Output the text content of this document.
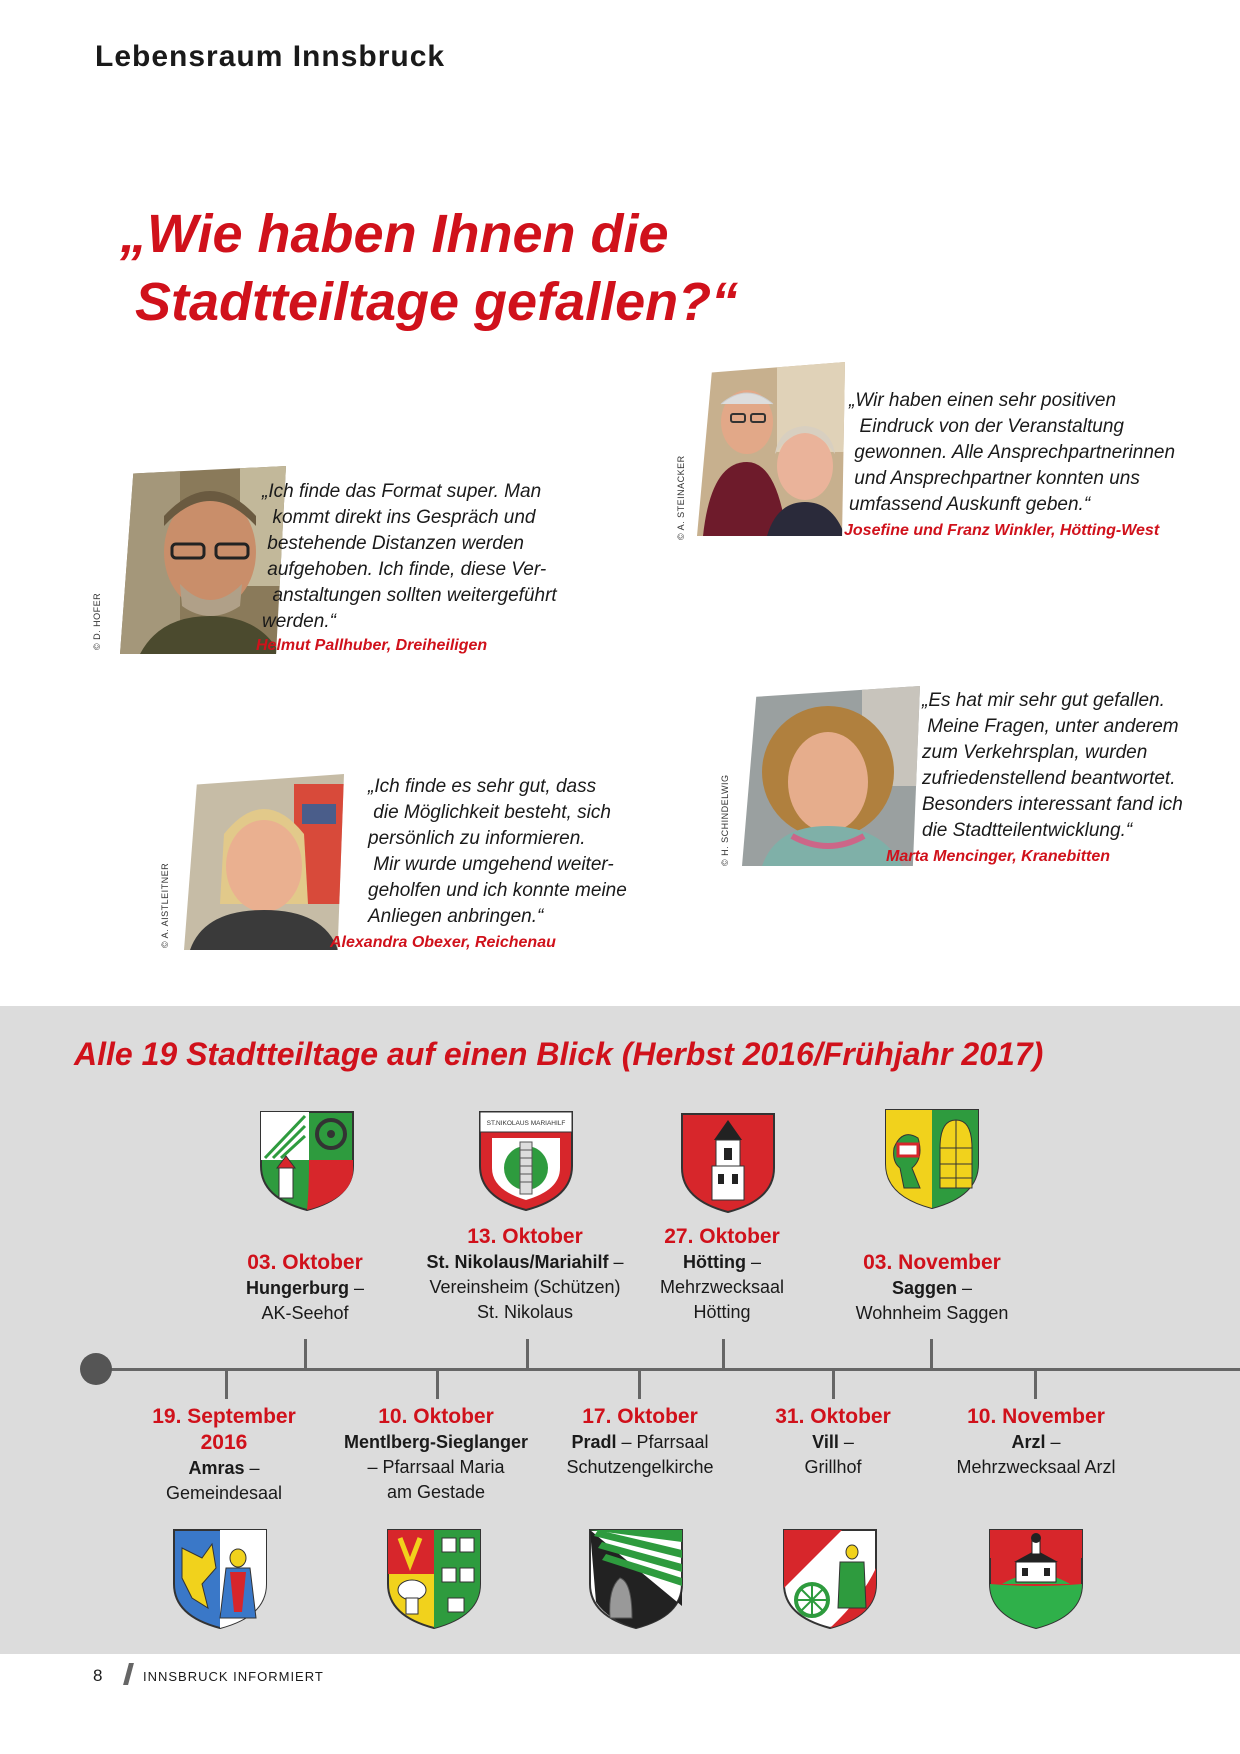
Lebensraum Innsbruck
„Wie haben Ihnen die
Stadtteiltage gefallen?“
© D. HOFER
„Ich finde das Format super. Man
kommt direkt ins Gespräch und
bestehende Distanzen werden
aufgehoben. Ich finde, diese Ver-
anstaltungen sollten weitergeführt
werden.“
Helmut Pallhuber, Dreiheiligen
© A. STEINACKER
„Wir haben einen sehr positiven
Eindruck von der Veranstaltung
gewonnen. Alle Ansprechpartnerinnen
und Ansprechpartner konnten uns
umfassend Auskunft geben.“
Josefine und Franz Winkler, Hötting-West
© A. AISTLEITNER
„Ich finde es sehr gut, dass
die Möglichkeit besteht, sich
persönlich zu informieren.
Mir wurde umgehend weiter-
geholfen und ich konnte meine
Anliegen anbringen.“
Alexandra Obexer, Reichenau
© H. SCHINDELWIG
„Es hat mir sehr gut gefallen.
Meine Fragen, unter anderem
zum Verkehrsplan, wurden
zufriedenstellend beantwortet.
Besonders interessant fand ich
die Stadtteilentwicklung.“
Marta Mencinger, Kranebitten
Alle 19 Stadtteiltage auf einen Blick (Herbst 2016/Frühjahr 2017)
ST.NIKOLAUS MARIAHILF
03. Oktober
Hungerburg –
AK-Seehof
13. Oktober
St. Nikolaus/Mariahilf –
Vereinsheim (Schützen)
St. Nikolaus
27. Oktober
Hötting –
Mehrzwecksaal
Hötting
03. November
Saggen –
Wohnheim Saggen
19. September
2016
Amras –
Gemeindesaal
10. Oktober
Mentlberg-Sieglanger
– Pfarrsaal Maria
am Gestade
17. Oktober
Pradl – Pfarrsaal
Schutzengelkirche
31. Oktober
Vill –
Grillhof
10. November
Arzl –
Mehrzwecksaal Arzl
8	INNSBRUCK INFORMIERT
